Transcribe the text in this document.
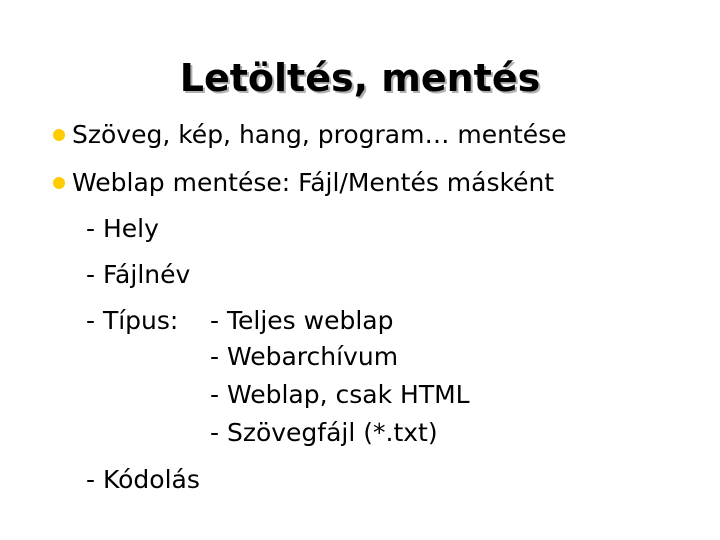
Letöltés, mentés
Szöveg, kép, hang, program… mentése
Weblap mentése: Fájl/Mentés másként
- Hely
- Fájlnév
- Típus: - Teljes weblap
- Webarchívum
- Weblap, csak HTML
- Szövegfájl (*.txt)
- Kódolás
